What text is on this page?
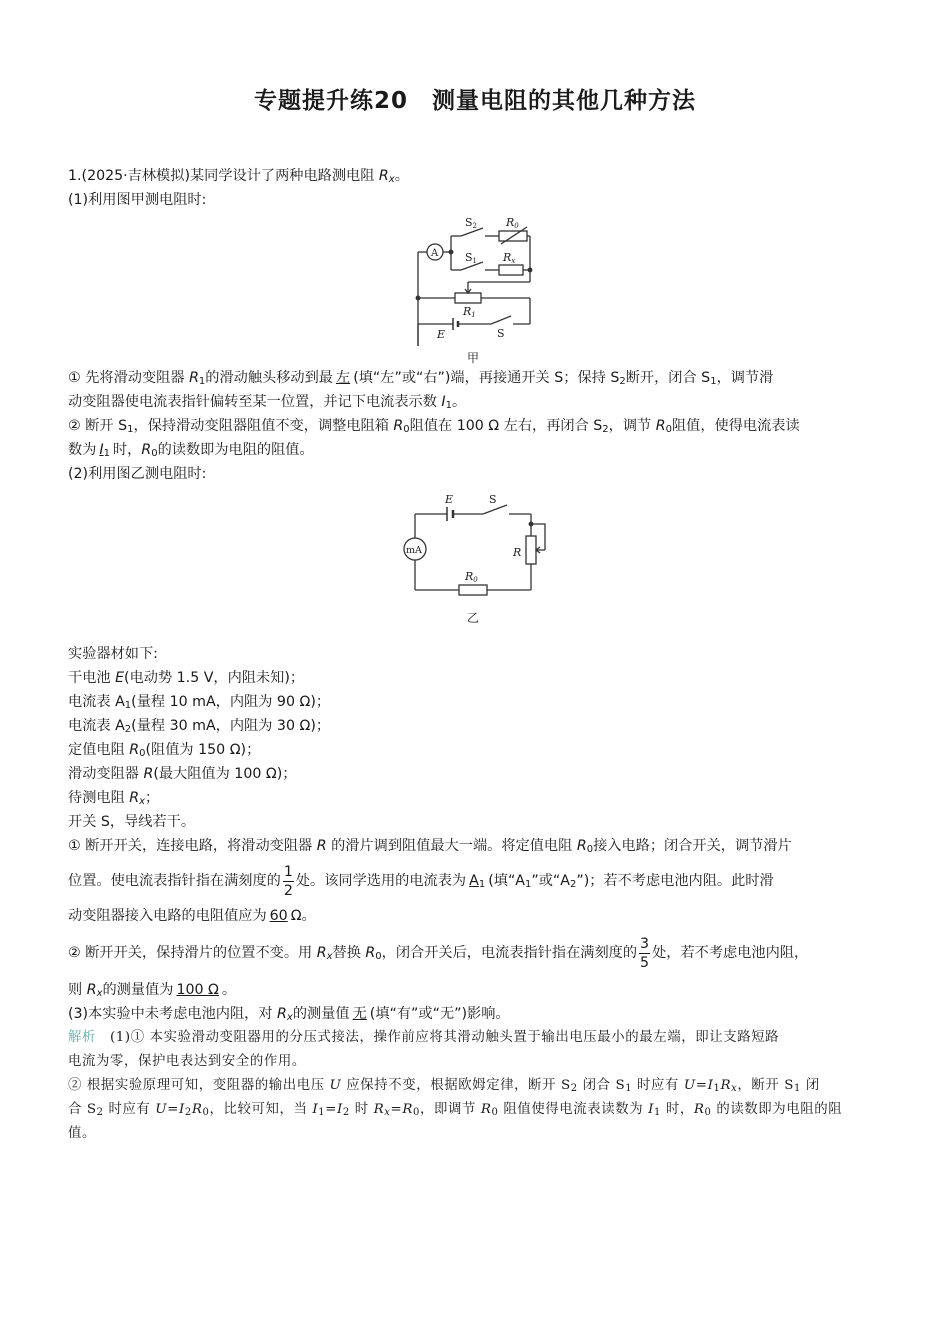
专题提升练20　测量电阻的其他几种方法
1.(2025·吉林模拟)某同学设计了两种电路测电阻 $R_x$。
(1)利用图甲测电阻时:
A
S2	R0
S1 Rx
R1
E	S
甲
① 先将滑动变阻器 $R_1$的滑动触头移动到最 左 (填“左”或“右”)端，再接通开关 S；保持 $S_2$断开，闭合 $S_1$，调节滑
动变阻器使电流表指针偏转至某一位置，并记下电流表示数 $I_1$。
② 断开 $S_1$，保持滑动变阻器阻值不变，调整电阻箱 $R_0$阻值在 100 Ω 左右，再闭合 $S_2$，调节 $R_0$阻值，使得电流表读
数为 $I_1$ 时，$R_0$的读数即为电阻的阻值。
(2)利用图乙测电阻时:
E	S
mA	R
R0
乙
实验器材如下:
干电池 E(电动势 1.5 V，内阻未知)；
电流表 $A_1$(量程 10 mA，内阻为 90 Ω)；
电流表 $A_2$(量程 30 mA，内阻为 30 Ω)；
定值电阻 $R_0$(阻值为 150 Ω)；
滑动变阻器 R(最大阻值为 100 Ω)；
待测电阻 $R_x$；
开关 S，导线若干。
① 断开开关，连接电路，将滑动变阻器 R 的滑片调到阻值最大一端。将定值电阻 $R_0$接入电路；闭合开关，调节滑片
位置。使电流表指针指在满刻度的 $\frac{1}{2}$ 处。该同学选用的电流表为 $A_1$ (填“$A_1$”或“$A_2$”)；若不考虑电池内阻。此时滑
动变阻器接入电路的电阻值应为 60 Ω。
② 断开开关，保持滑片的位置不变。用 $R_x$替换 $R_0$，闭合开关后，电流表指针指在满刻度的 $\frac{3}{5}$ 处，若不考虑电池内阻，
则 $R_x$的测量值为 100 Ω 。
(3)本实验中未考虑电池内阻，对 $R_x$的测量值 无 (填“有”或“无”)影响。
解析 (1)① 本实验滑动变阻器用的分压式接法，操作前应将其滑动触头置于输出电压最小的最左端，即让支路短路
电流为零，保护电表达到安全的作用。
② 根据实验原理可知，变阻器的输出电压 U 应保持不变，根据欧姆定律，断开 $S_2$ 闭合 $S_1$ 时应有 $U=I_1R_x$，断开 $S_1$ 闭
合 $S_2$ 时应有 $U=I_2R_0$，比较可知，当 $I_1=I_2$ 时 $R_x=R_0$，即调节 $R_0$ 阻值使得电流表读数为 $I_1$ 时，$R_0$ 的读数即为电阻的阻
值。
